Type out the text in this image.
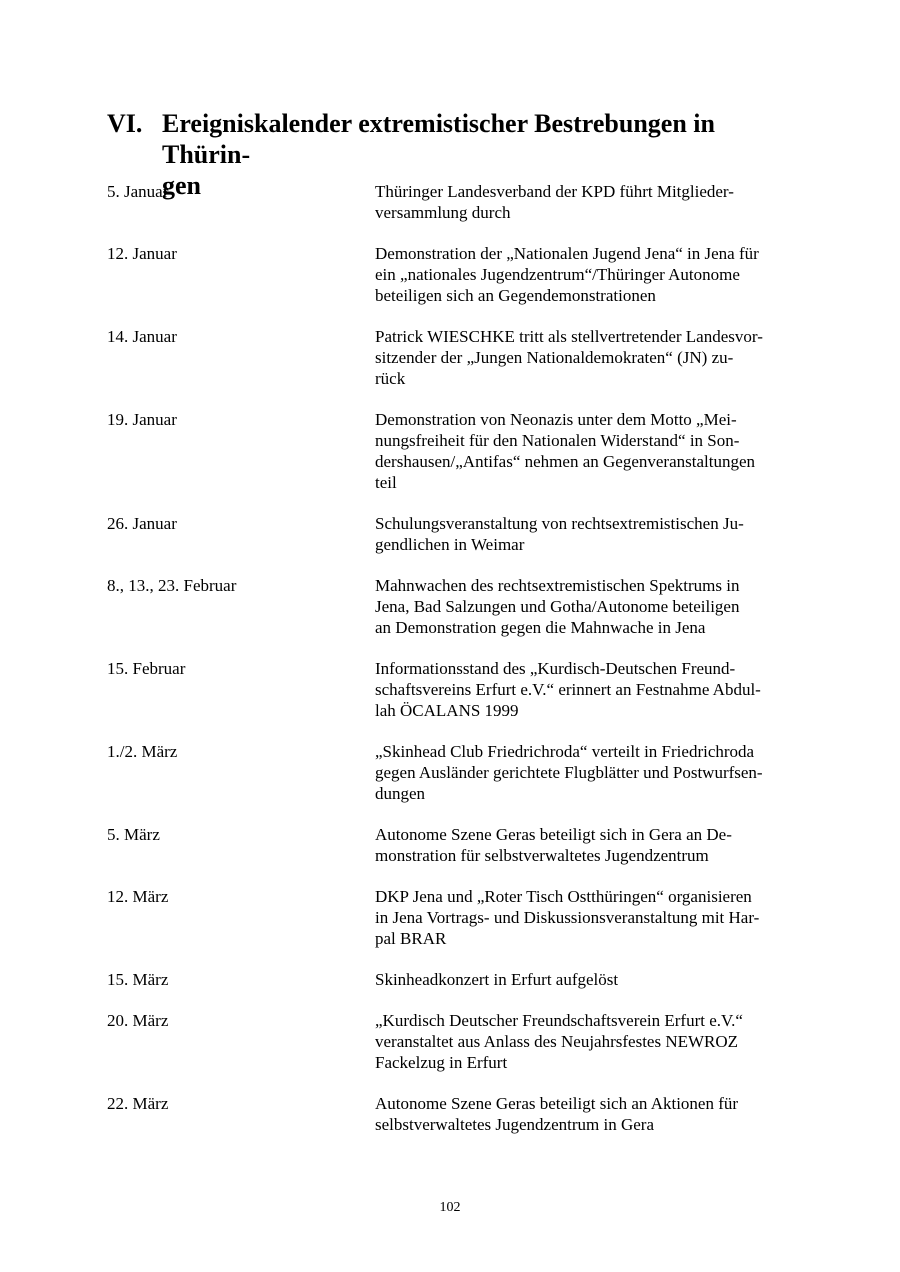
VI. Ereigniskalender extremistischer Bestrebungen in Thürin-
gen
5. Januar	Thüringer Landesverband der KPD führt Mitglieder-
versammlung durch
12. Januar	Demonstration der „Nationalen Jugend Jena“ in Jena für
ein „nationales Jugendzentrum“/Thüringer Autonome
beteiligen sich an Gegendemonstrationen
14. Januar	Patrick WIESCHKE tritt als stellvertretender Landesvor-
sitzender der „Jungen Nationaldemokraten“ (JN) zu-
rück
19. Januar	Demonstration von Neonazis unter dem Motto „Mei-
nungsfreiheit für den Nationalen Widerstand“ in Son-
dershausen/„Antifas“ nehmen an Gegenveranstaltungen
teil
26. Januar	Schulungsveranstaltung von rechtsextremistischen Ju-
gendlichen in Weimar
8., 13., 23. Februar	Mahnwachen des rechtsextremistischen Spektrums in
Jena, Bad Salzungen und Gotha/Autonome beteiligen
an Demonstration gegen die Mahnwache in Jena
15. Februar	Informationsstand des „Kurdisch-Deutschen Freund-
schaftsvereins Erfurt e.V.“ erinnert an Festnahme Abdul-
lah ÖCALANS 1999
1./2. März	„Skinhead Club Friedrichroda“ verteilt in Friedrichroda
gegen Ausländer gerichtete Flugblätter und Postwurfsen-
dungen
5. März	Autonome Szene Geras beteiligt sich in Gera an De-
monstration für selbstverwaltetes Jugendzentrum
12. März	DKP Jena und „Roter Tisch Ostthüringen“ organisieren
in Jena Vortrags- und Diskussionsveranstaltung mit Har-
pal BRAR
15. März	Skinheadkonzert in Erfurt aufgelöst
20. März	„Kurdisch Deutscher Freundschaftsverein Erfurt e.V.“
veranstaltet aus Anlass des Neujahrsfestes NEWROZ
Fackelzug in Erfurt
22. März	Autonome Szene Geras beteiligt sich an Aktionen für
selbstverwaltetes Jugendzentrum in Gera
102
